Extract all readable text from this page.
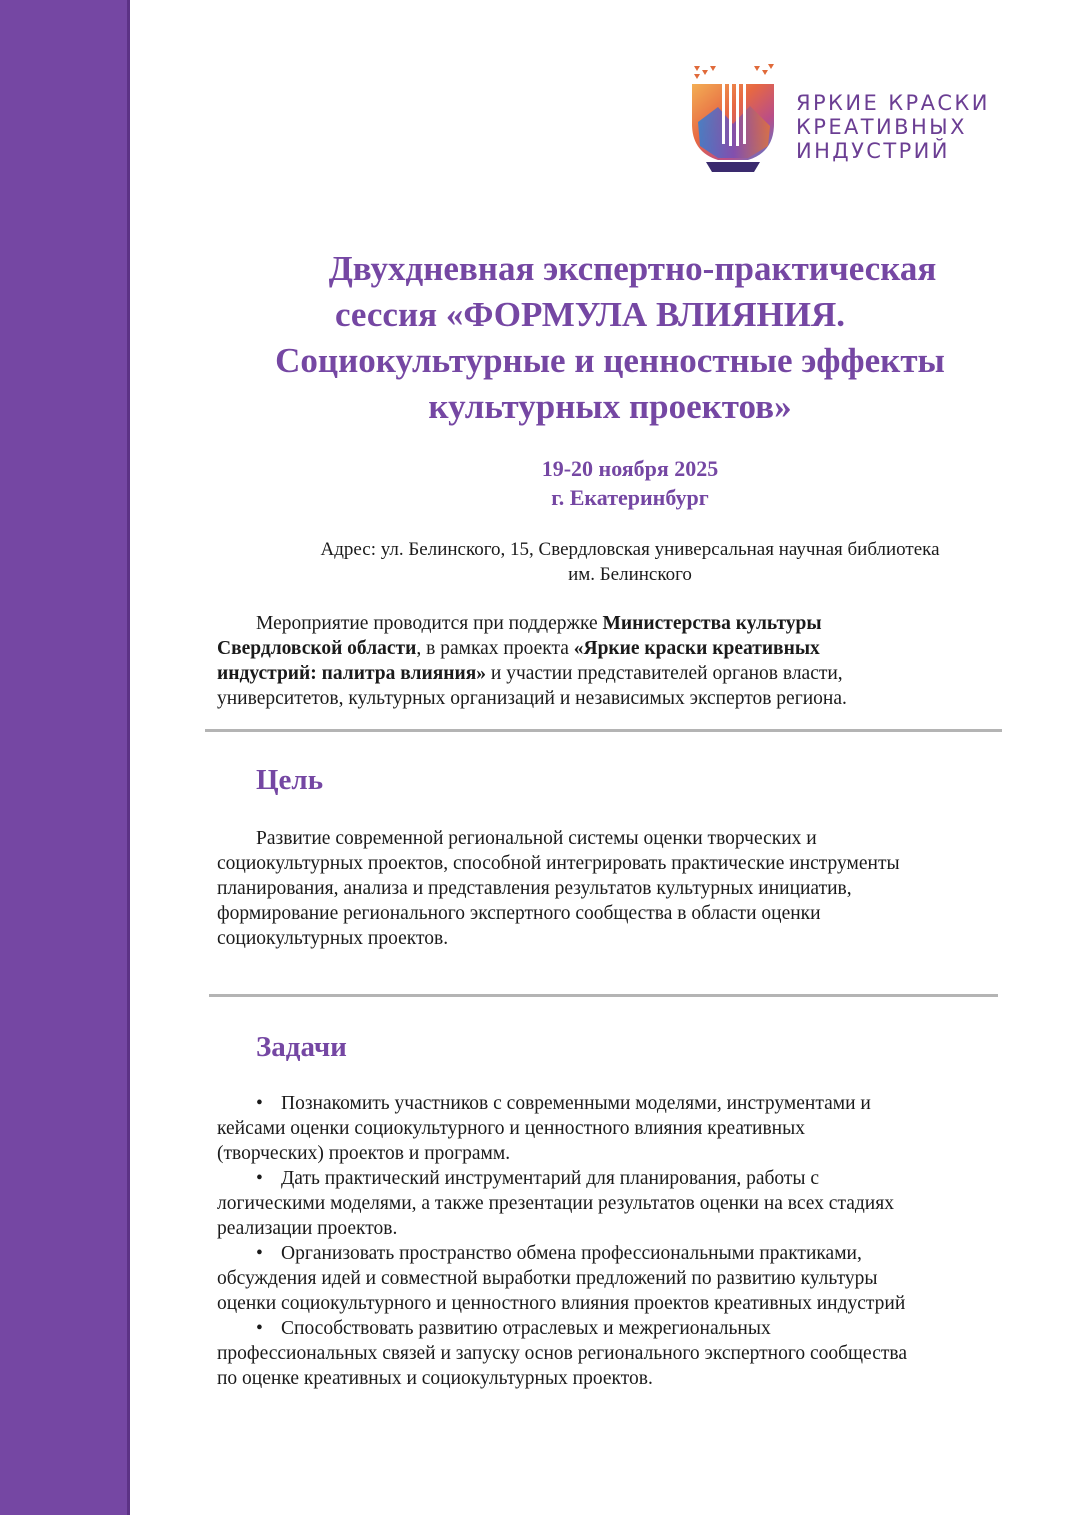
ЯРКИЕ КРАСКИ
КРЕАТИВНЫХ
ИНДУСТРИЙ
Двухдневная экспертно-практическая
сессия «ФОРМУЛА ВЛИЯНИЯ.
Социокультурные и ценностные эффекты
культурных проектов»
19-20 ноября 2025
г. Екатеринбург
Адрес: ул. Белинского, 15, Свердловская универсальная научная библиотека
им. Белинского
Мероприятие проводится при поддержке Министерства культуры
Свердловской области, в рамках проекта «Яркие краски креативных
индустрий: палитра влияния» и участии представителей органов власти,
университетов, культурных организаций и независимых экспертов региона.
Цель
Развитие современной региональной системы оценки творческих и
социокультурных проектов, способной интегрировать практические инструменты
планирования, анализа и представления результатов культурных инициатив,
формирование регионального экспертного сообщества в области оценки
социокультурных проектов.
Задачи
• Познакомить участников с современными моделями, инструментами и
кейсами оценки социокультурного и ценностного влияния креативных
(творческих) проектов и программ.
• Дать практический инструментарий для планирования, работы с
логическими моделями, а также презентации результатов оценки на всех стадиях
реализации проектов.
• Организовать пространство обмена профессиональными практиками,
обсуждения идей и совместной выработки предложений по развитию культуры
оценки социокультурного и ценностного влияния проектов креативных индустрий
• Способствовать развитию отраслевых и межрегиональных
профессиональных связей и запуску основ регионального экспертного сообщества
по оценке креативных и социокультурных проектов.
